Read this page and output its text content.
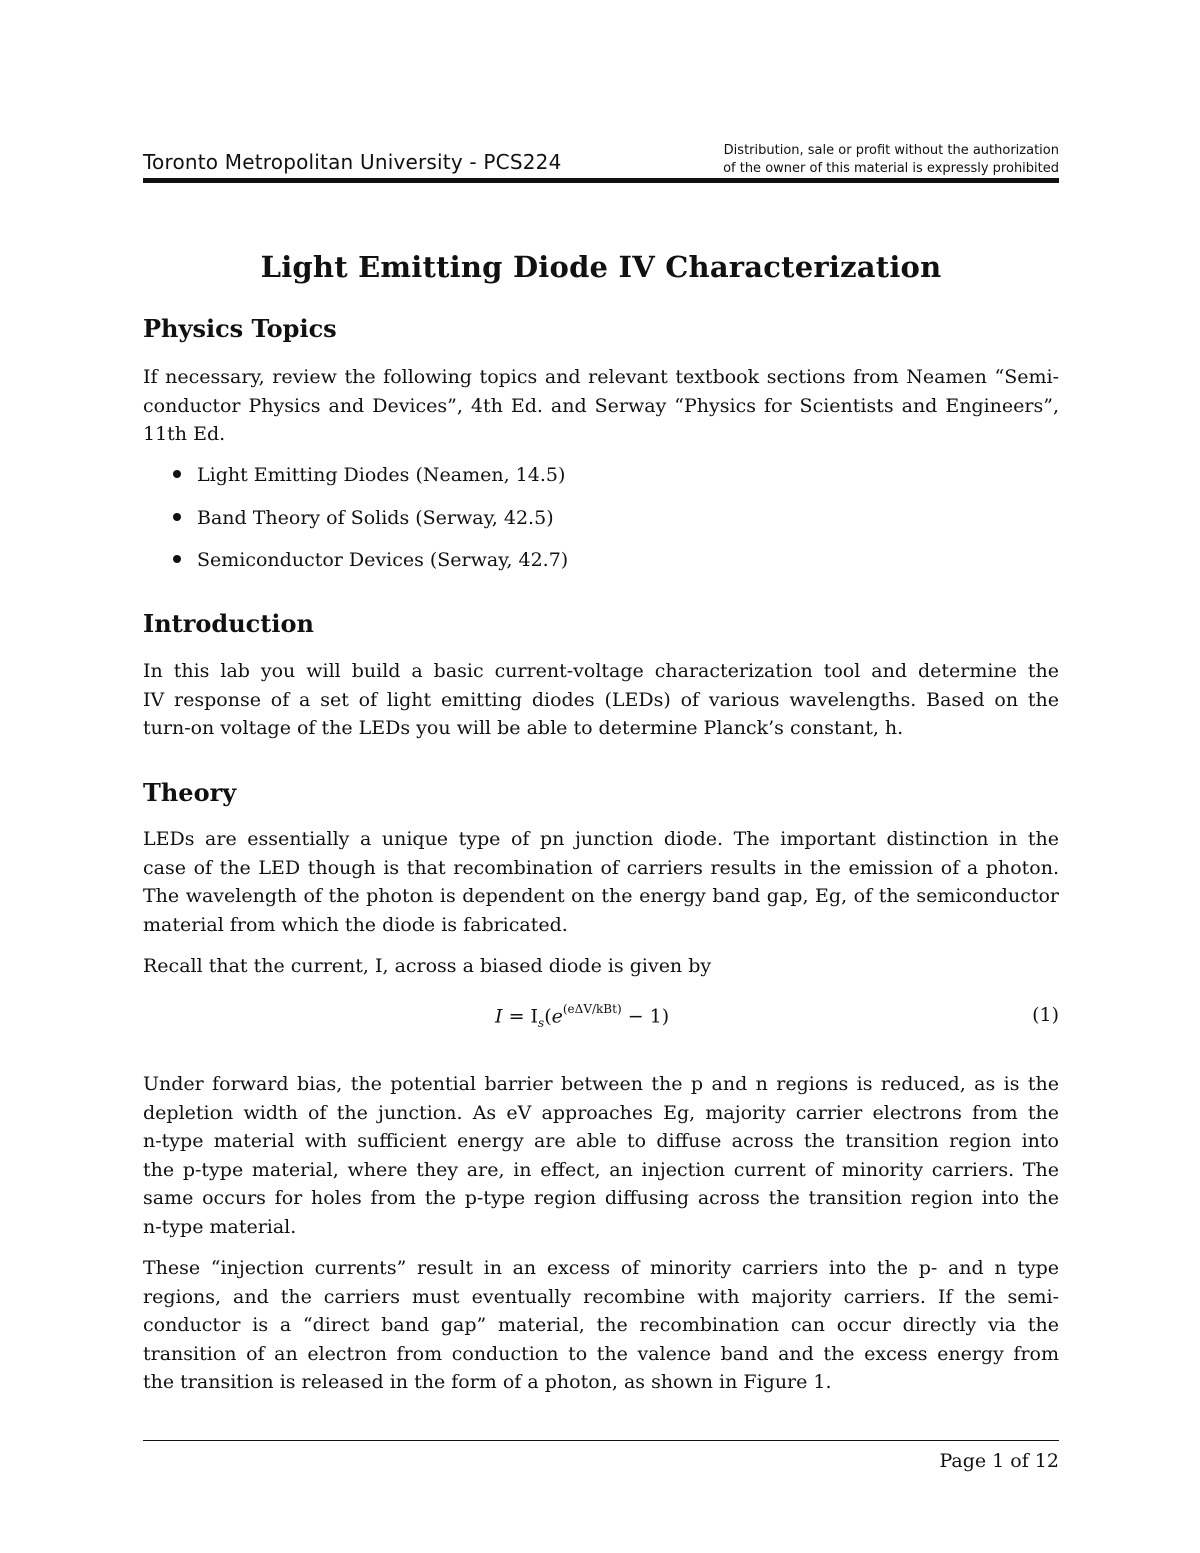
Toronto Metropolitan University - PCS224	Distribution, sale or profit without the authorization
of the owner of this material is expressly prohibited
Light Emitting Diode IV Characterization
Physics Topics
If necessary, review the following topics and relevant textbook sections from Neamen “Semi-
conductor Physics and Devices”, 4th Ed. and Serway “Physics for Scientists and Engineers”,
11th Ed.
Light Emitting Diodes (Neamen, 14.5)
Band Theory of Solids (Serway, 42.5)
Semiconductor Devices (Serway, 42.7)
Introduction
In this lab you will build a basic current-voltage characterization tool and determine the
IV response of a set of light emitting diodes (LEDs) of various wavelengths. Based on the
turn-on voltage of the LEDs you will be able to determine Planck’s constant, h.
Theory
LEDs are essentially a unique type of pn junction diode. The important distinction in the
case of the LED though is that recombination of carriers results in the emission of a photon.
The wavelength of the photon is dependent on the energy band gap, Eg, of the semiconductor
material from which the diode is fabricated.
Recall that the current, I, across a biased diode is given by
$I = I_s(e^{(e\Delta V/kBt)} - 1)$	(1)
Under forward bias, the potential barrier between the p and n regions is reduced, as is the
depletion width of the junction. As eV approaches Eg, majority carrier electrons from the
n-type material with sufficient energy are able to diffuse across the transition region into
the p-type material, where they are, in effect, an injection current of minority carriers. The
same occurs for holes from the p-type region diffusing across the transition region into the
n-type material.
These “injection currents” result in an excess of minority carriers into the p- and n type
regions, and the carriers must eventually recombine with majority carriers. If the semi-
conductor is a “direct band gap” material, the recombination can occur directly via the
transition of an electron from conduction to the valence band and the excess energy from
the transition is released in the form of a photon, as shown in Figure 1.
Page 1 of 12
